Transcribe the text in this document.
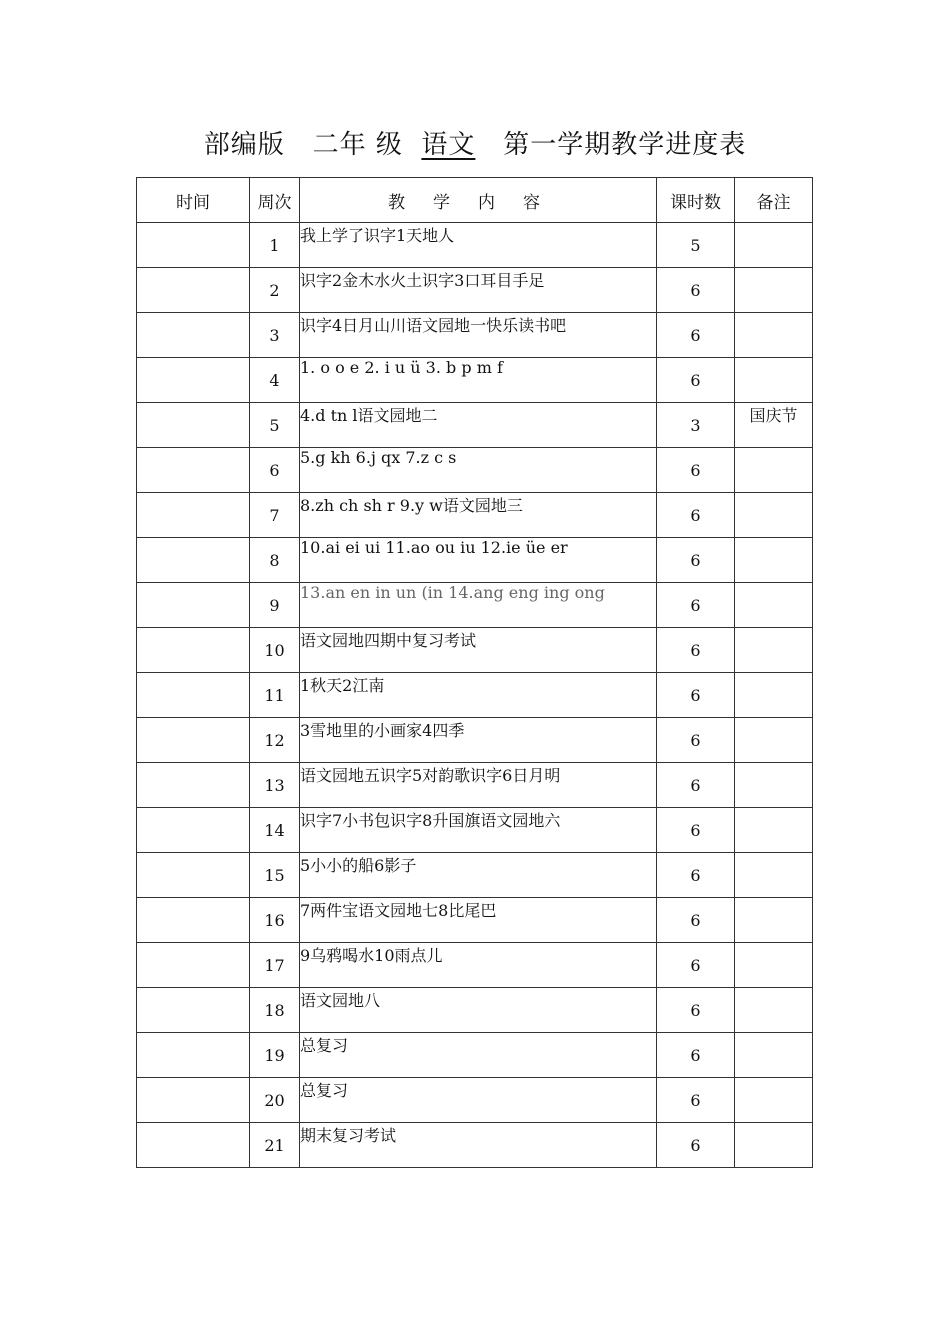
部编版 二年 级 语文 第一学期教学进度表
时间	周次	教学内容	课时数	备注
	1	我上学了识字1天地人	5	
	2	识字2金木水火土识字3口耳目手足	6	
	3	识字4日月山川语文园地一快乐读书吧	6	
	4	1. o o e 2. i u ü 3. b p m f	6	
	5	4.d tn l语文园地二	3	国庆节
	6	5.g kh 6.j qx 7.z c s	6	
	7	8.zh ch sh r 9.y w语文园地三	6	
	8	10.ai ei ui 11.ao ou iu 12.ie üe er	6	
	9	13.an en in un (in 14.ang eng ing ong	6	
	10	语文园地四期中复习考试	6	
	11	1秋天2江南	6	
	12	3雪地里的小画家4四季	6	
	13	语文园地五识字5对韵歌识字6日月明	6	
	14	识字7小书包识字8升国旗语文园地六	6	
	15	5小小的船6影子	6	
	16	7两件宝语文园地七8比尾巴	6	
	17	9乌鸦喝水10雨点儿	6	
	18	语文园地八	6	
	19	总复习	6	
	20	总复习	6	
	21	期末复习考试	6	
